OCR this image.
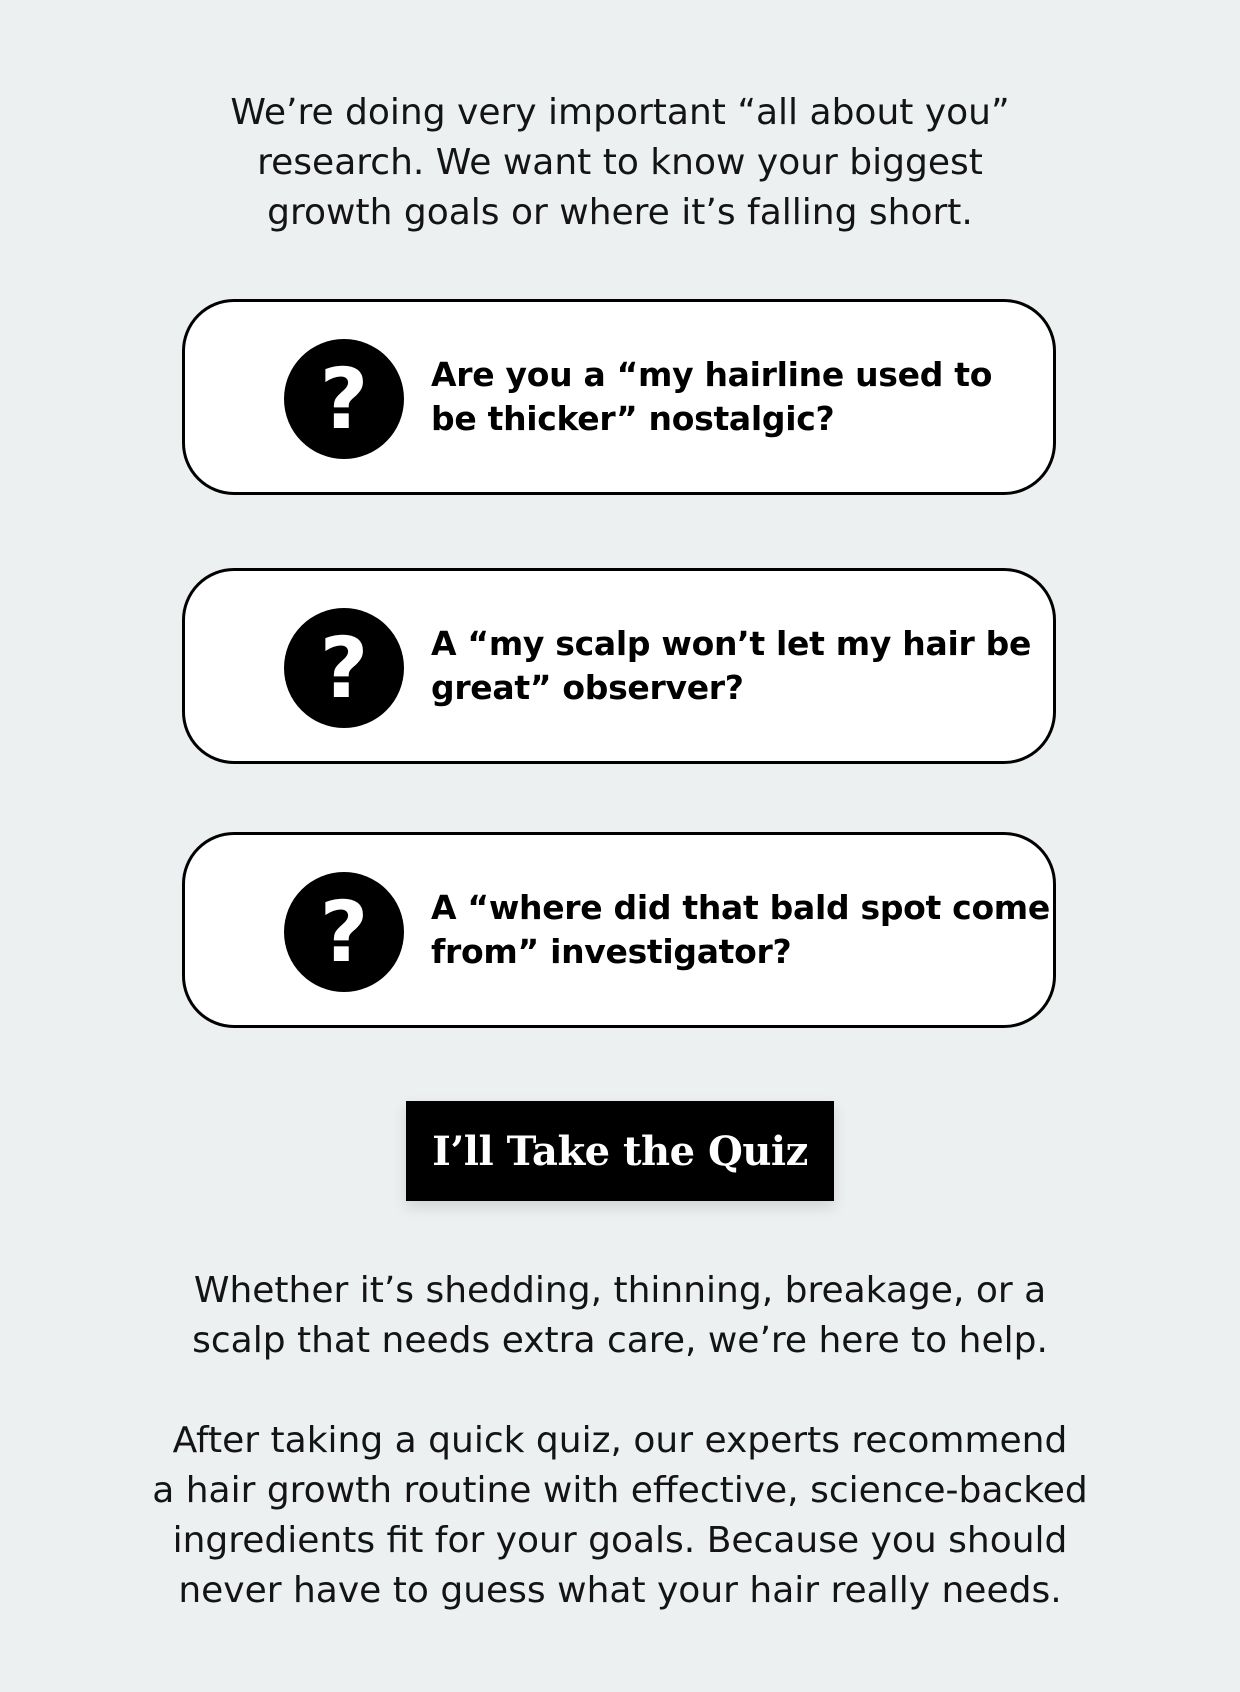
We’re doing very important “all about you”
research. We want to know your biggest
growth goals or where it’s falling short.

?	Are you a “my hairline used to
be thicker” nostalgic?
?	A “my scalp won’t let my hair be
great” observer?
?	A “where did that bald spot come
from” investigator?
I’ll Take the Quiz

Whether it’s shedding, thinning, breakage, or a
scalp that needs extra care, we’re here to help.

After taking a quick quiz, our experts recommend
a hair growth routine with effective, science-backed
ingredients fit for your goals. Because you should
never have to guess what your hair really needs.
